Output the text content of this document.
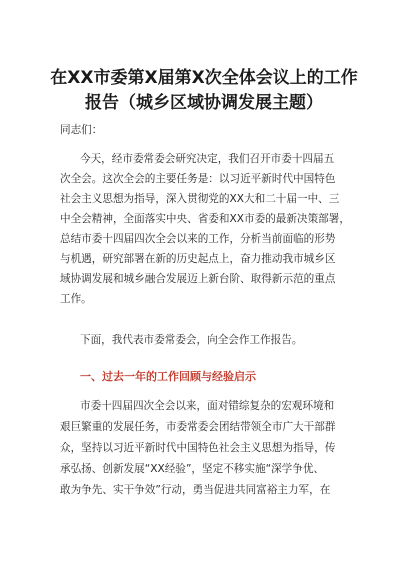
在XX市委第X届第X次全体会议上的工作
报告（城乡区域协调发展主题）
同志们：
今天，经市委常委会研究决定，我们召开市委十四届五
次全会。这次全会的主要任务是：以习近平新时代中国特色
社会主义思想为指导，深入贯彻党的XX大和二十届一中、三
中全会精神，全面落实中央、省委和XX市委的最新决策部署，
总结市委十四届四次全会以来的工作，分析当前面临的形势
与机遇，研究部署在新的历史起点上，奋力推动我市城乡区
域协调发展和城乡融合发展迈上新台阶、取得新示范的重点
工作。
下面，我代表市委常委会，向全会作工作报告。
一、过去一年的工作回顾与经验启示
市委十四届四次全会以来，面对错综复杂的宏观环境和
艰巨繁重的发展任务，市委常委会团结带领全市广大干部群
众，坚持以习近平新时代中国特色社会主义思想为指导，传
承弘扬、创新发展“XX经验”，坚定不移实施“深学争优、
敢为争先、实干争效”行动，勇当促进共同富裕主力军，在
